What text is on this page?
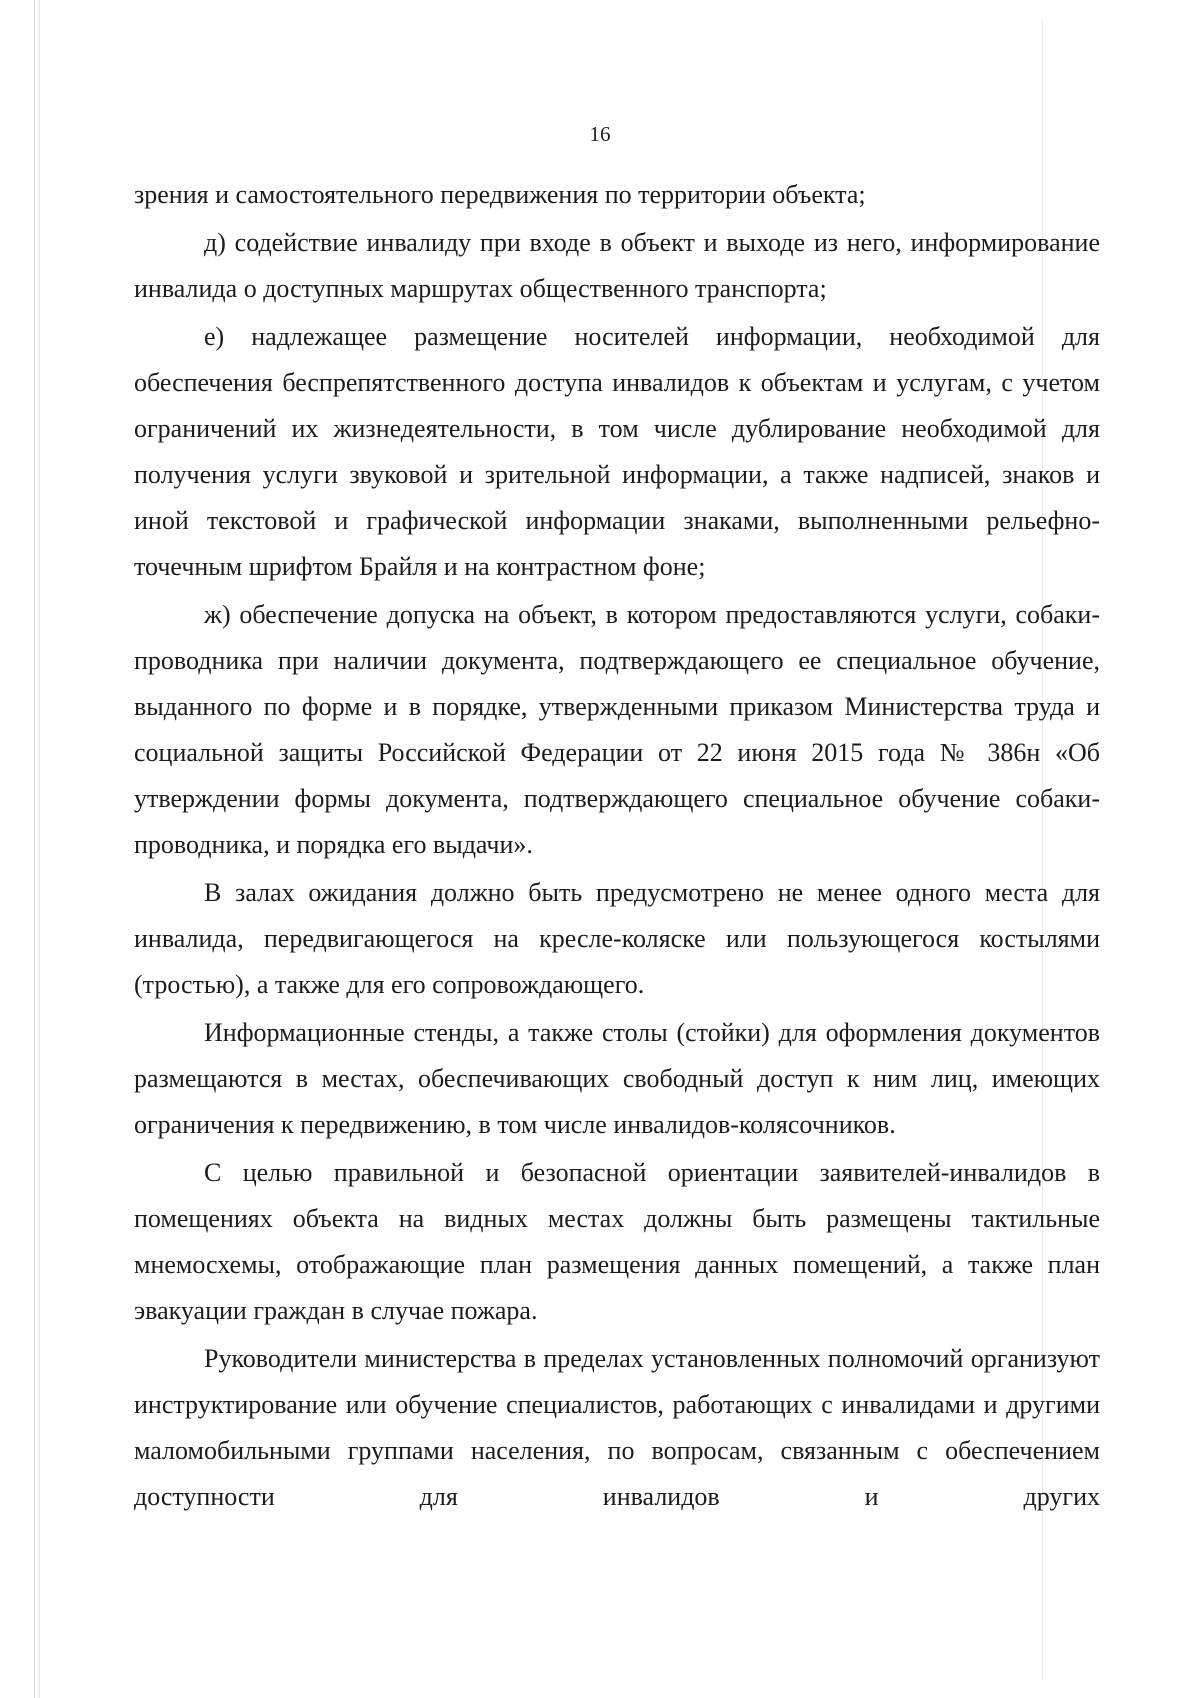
16

зрения и самостоятельного передвижения по территории объекта;

д) содействие инвалиду при входе в объект и выходе из него, информирование инвалида о доступных маршрутах общественного транспорта;

е) надлежащее размещение носителей информации, необходимой для обеспечения беспрепятственного доступа инвалидов к объектам и услугам, с учетом ограничений их жизнедеятельности, в том числе дублирование необходимой для получения услуги звуковой и зрительной информации, а также надписей, знаков и иной текстовой и графической информации знаками, выполненными рельефно-точечным шрифтом Брайля и на контрастном фоне;

ж) обеспечение допуска на объект, в котором предоставляются услуги, собаки-проводника при наличии документа, подтверждающего ее специальное обучение, выданного по форме и в порядке, утвержденными приказом Министерства труда и социальной защиты Российской Федерации от 22 июня 2015 года № 386н «Об утверждении формы документа, подтверждающего специальное обучение собаки-проводника, и порядка его выдачи».

В залах ожидания должно быть предусмотрено не менее одного места для инвалида, передвигающегося на кресле-коляске или пользующегося костылями (тростью), а также для его сопровождающего.

Информационные стенды, а также столы (стойки) для оформления документов размещаются в местах, обеспечивающих свободный доступ к ним лиц, имеющих ограничения к передвижению, в том числе инвалидов-колясочников.

С целью правильной и безопасной ориентации заявителей-инвалидов в помещениях объекта на видных местах должны быть размещены тактильные мнемосхемы, отображающие план размещения данных помещений, а также план эвакуации граждан в случае пожара.

Руководители министерства в пределах установленных полномочий организуют инструктирование или обучение специалистов, работающих с инвалидами и другими маломобильными группами населения, по вопросам, связанным с обеспечением доступности для инвалидов и других
